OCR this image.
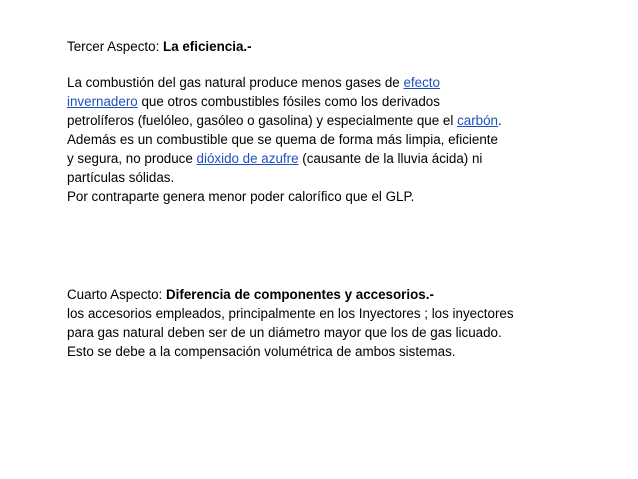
Tercer Aspecto: La eficiencia.-
La combustión del gas natural produce menos gases de efecto
invernadero que otros combustibles fósiles como los derivados
petrolíferos (fuelóleo, gasóleo o gasolina) y especialmente que el carbón.
Además es un combustible que se quema de forma más limpia, eficiente
y segura, no produce dióxido de azufre (causante de la lluvia ácida) ni
partículas sólidas.
Por contraparte genera menor poder calorífico que el GLP.
Cuarto Aspecto: Diferencia de componentes y accesorios.-
los accesorios empleados, principalmente en los Inyectores ; los inyectores
para gas natural deben ser de un diámetro mayor que los de gas licuado.
Esto se debe a la compensación volumétrica de ambos sistemas.
